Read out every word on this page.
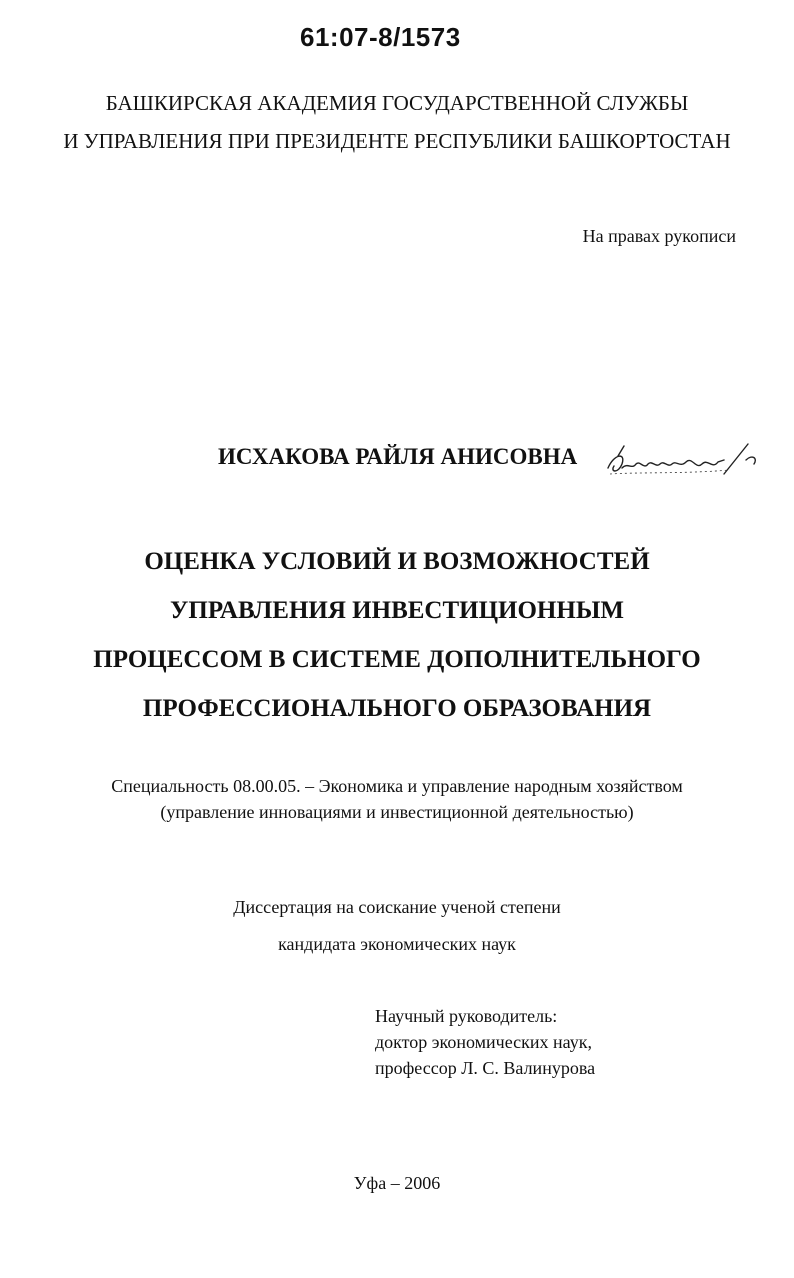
61:07-8/1573
БАШКИРСКАЯ АКАДЕМИЯ ГОСУДАРСТВЕННОЙ СЛУЖБЫ
И УПРАВЛЕНИЯ ПРИ ПРЕЗИДЕНТЕ РЕСПУБЛИКИ БАШКОРТОСТАН
На правах рукописи
ИСХАКОВА РАЙЛЯ АНИСОВНА
ОЦЕНКА УСЛОВИЙ И ВОЗМОЖНОСТЕЙ
УПРАВЛЕНИЯ ИНВЕСТИЦИОННЫМ
ПРОЦЕССОМ В СИСТЕМЕ ДОПОЛНИТЕЛЬНОГО
ПРОФЕССИОНАЛЬНОГО ОБРАЗОВАНИЯ
Специальность 08.00.05. – Экономика и управление народным хозяйством
(управление инновациями и инвестиционной деятельностью)
Диссертация на соискание ученой степени
кандидата экономических наук
Научный руководитель:
доктор экономических наук,
профессор Л. С. Валинурова
Уфа – 2006
